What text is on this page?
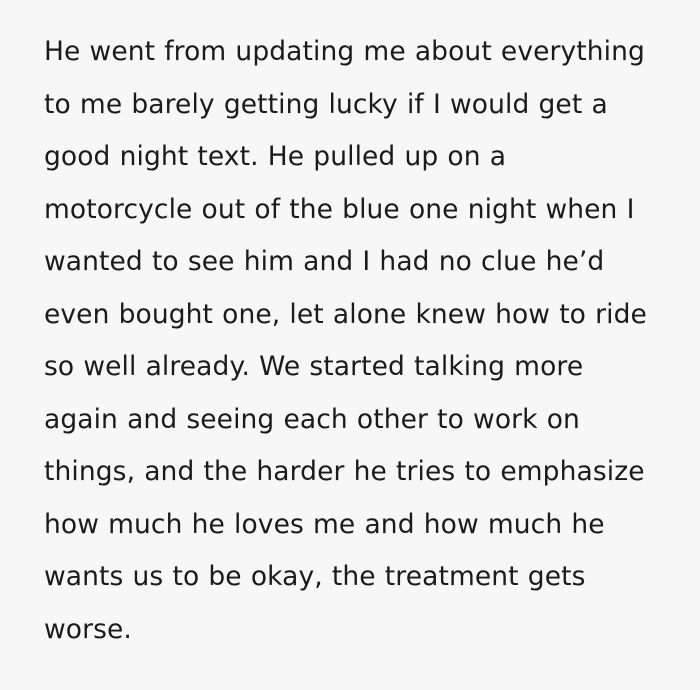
He went from updating me about everything to me barely getting lucky if I would get a good night text. He pulled up on a motorcycle out of the blue one night when I wanted to see him and I had no clue he’d even bought one, let alone knew how to ride so well already. We started talking more again and seeing each other to work on things, and the harder he tries to emphasize how much he loves me and how much he wants us to be okay, the treatment gets worse.
